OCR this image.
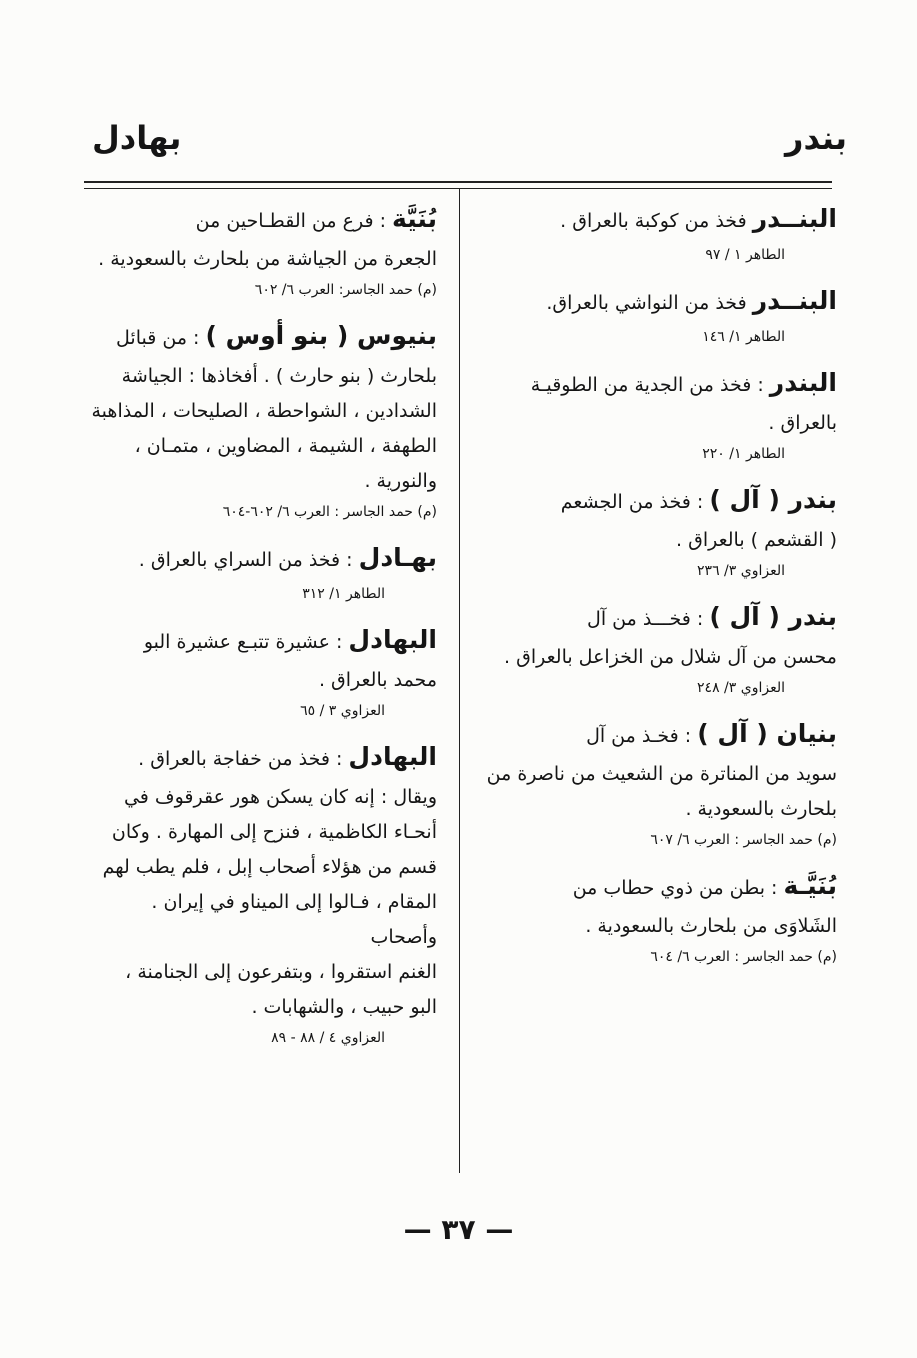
بندر
بهادل
البنــدر فخذ من كوكبة بالعراق .
الطاهر ١ / ٩٧
البنــدر فخذ من النواشي بالعراق.
الطاهر ١/ ١٤٦
البندر : فخذ من الجدية من الطوقيـة
بالعراق .
الطاهر ١/ ٢٢٠
بندر ( آل ) : فخذ من الجشعم
( القشعم ) بالعراق .
العزاوي ٣/ ٢٣٦
بندر ( آل ) : فخـــذ من آل
محسن من آل شلال من الخزاعل بالعراق .
العزاوي ٣/ ٢٤٨
بنيان ( آل ) : فخـذ من آل
سويد من المناترة من الشعيث من ناصرة من
بلحارث بالسعودية .
(م) حمد الجاسر : العرب ٦/ ٦٠٧
بُنَيَّـة : بطن من ذوي حطاب من
الشَلاوَى من بلحارث بالسعودية .
(م) حمد الجاسر : العرب ٦/ ٦٠٤
بُنَيَّة : فرع من القطـاحين من
الجعرة من الجياشة من بلحارث بالسعودية .
(م) حمد الجاسر: العرب ٦/ ٦٠٢
بنيوس ( بنو أوس ) : من قبائل
بلحارث ( بنو حارث ) . أفخاذها : الجياشة
الشدادين ، الشواحطة ، الصليحات ، المذاهبة
الطهفة ، الشيمة ، المضاوين ، متمـان ،
والنورية .
(م) حمد الجاسر : العرب ٦/ ٦٠٢-٦٠٤
بهـادل : فخذ من السراي بالعراق .
الطاهر ١/ ٣١٢
البهادل : عشيرة تتبـع عشيرة البو
محمد بالعراق .
العزاوي ٣ / ٦٥
البهادل : فخذ من خفاجة بالعراق .
ويقال : إنه كان يسكن هور عقرقوف في
أنحـاء الكاظمية ، فنزح إلى المهارة . وكان
قسم من هؤلاء أصحاب إبل ، فلم يطب لهم
المقام ، فـالوا إلى الميناو في إيران . وأصحاب
الغنم استقروا ، وبتفرعون إلى الجنامنة ،
البو حبيب ، والشهابات .
العزاوي ٤ / ٨٨ - ٨٩
— ٣٧ —
